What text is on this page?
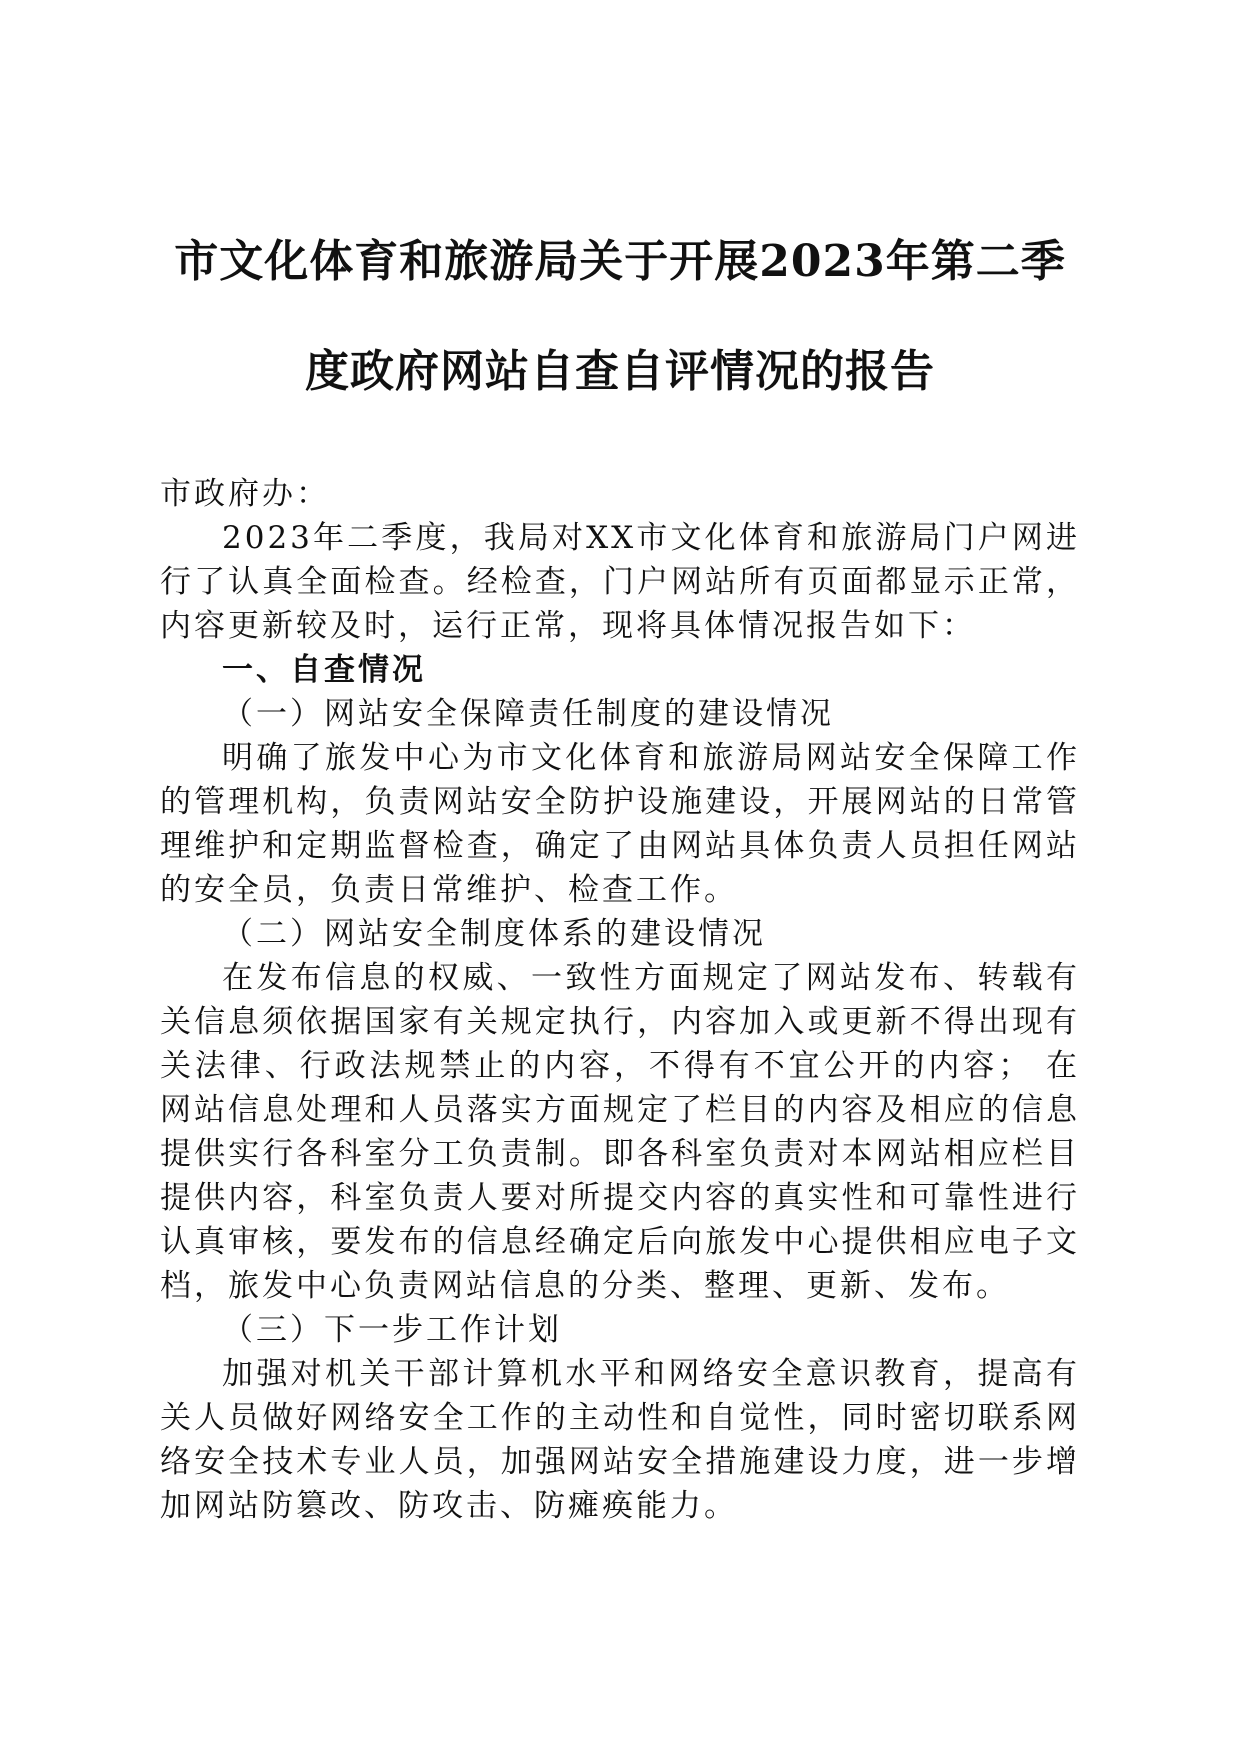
市文化体育和旅游局关于开展2023年第二季
度政府网站自查自评情况的报告

市政府办：

2023年二季度，我局对XX市文化体育和旅游局门户网进行了认真全面检查。经检查，门户网站所有页面都显示正常，内容更新较及时，运行正常，现将具体情况报告如下：

一、自查情况

（一）网站安全保障责任制度的建设情况

明确了旅发中心为市文化体育和旅游局网站安全保障工作的管理机构，负责网站安全防护设施建设，开展网站的日常管理维护和定期监督检查，确定了由网站具体负责人员担任网站的安全员，负责日常维护、检查工作。

（二）网站安全制度体系的建设情况

在发布信息的权威、一致性方面规定了网站发布、转载有关信息须依据国家有关规定执行，内容加入或更新不得出现有关法律、行政法规禁止的内容，不得有不宜公开的内容； 在网站信息处理和人员落实方面规定了栏目的内容及相应的信息提供实行各科室分工负责制。即各科室负责对本网站相应栏目提供内容，科室负责人要对所提交内容的真实性和可靠性进行认真审核，要发布的信息经确定后向旅发中心提供相应电子文档，旅发中心负责网站信息的分类、整理、更新、发布。

（三）下一步工作计划

加强对机关干部计算机水平和网络安全意识教育，提高有关人员做好网络安全工作的主动性和自觉性，同时密切联系网络安全技术专业人员，加强网站安全措施建设力度，进一步增加网站防篡改、防攻击、防瘫痪能力。
